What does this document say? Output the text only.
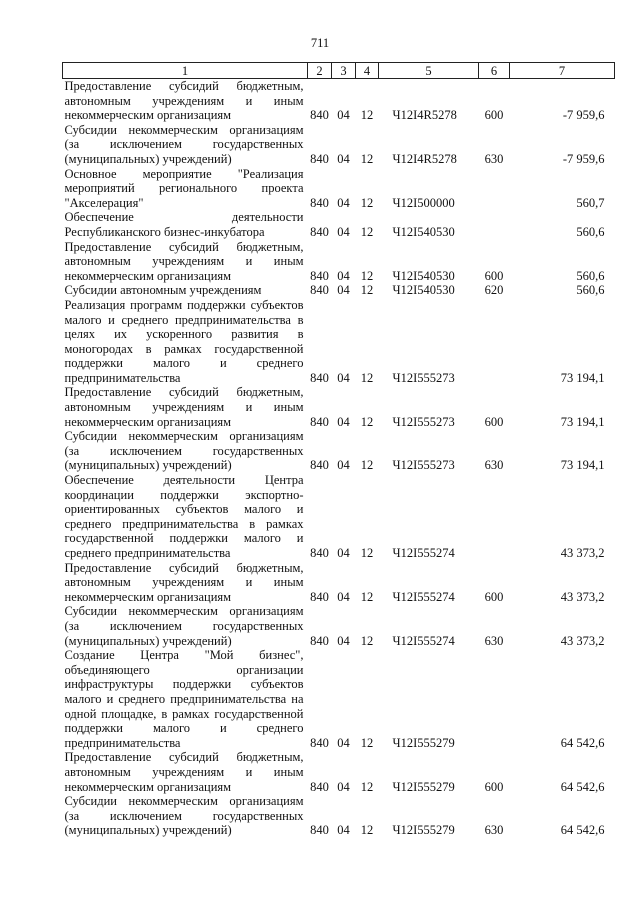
711
1	2	3	4	5	6	7
Предоставление субсидий бюджетным, автономным учреждениям и иным некоммерческим организациям	840	04	12	Ч12I4R5278	600	-7 959,6
Субсидии некоммерческим организациям (за исключением государственных (муниципальных) учреждений)	840	04	12	Ч12I4R5278	630	-7 959,6
Основное мероприятие "Реализация мероприятий регионального проекта "Акселерация"	840	04	12	Ч12I500000		560,7
Обеспечение деятельности Республиканского бизнес-инкубатора	840	04	12	Ч12I540530		560,6
Предоставление субсидий бюджетным, автономным учреждениям и иным некоммерческим организациям	840	04	12	Ч12I540530	600	560,6
Субсидии автономным учреждениям	840	04	12	Ч12I540530	620	560,6
Реализация программ поддержки субъектов малого и среднего предпринимательства в целях их ускоренного развития в моногородах в рамках государственной поддержки малого и среднего предпринимательства	840	04	12	Ч12I555273		73 194,1
Предоставление субсидий бюджетным, автономным учреждениям и иным некоммерческим организациям	840	04	12	Ч12I555273	600	73 194,1
Субсидии некоммерческим организациям (за исключением государственных (муниципальных) учреждений)	840	04	12	Ч12I555273	630	73 194,1
Обеспечение деятельности Центра координации поддержки экспортно-ориентированных субъектов малого и среднего предпринимательства в рамках государственной поддержки малого и среднего предпринимательства	840	04	12	Ч12I555274		43 373,2
Предоставление субсидий бюджетным, автономным учреждениям и иным некоммерческим организациям	840	04	12	Ч12I555274	600	43 373,2
Субсидии некоммерческим организациям (за исключением государственных (муниципальных) учреждений)	840	04	12	Ч12I555274	630	43 373,2
Создание Центра "Мой бизнес", объединяющего организации инфраструктуры поддержки субъектов малого и среднего предпринимательства на одной площадке, в рамках государственной поддержки малого и среднего предпринимательства	840	04	12	Ч12I555279		64 542,6
Предоставление субсидий бюджетным, автономным учреждениям и иным некоммерческим организациям	840	04	12	Ч12I555279	600	64 542,6
Субсидии некоммерческим организациям (за исключением государственных (муниципальных) учреждений)	840	04	12	Ч12I555279	630	64 542,6
